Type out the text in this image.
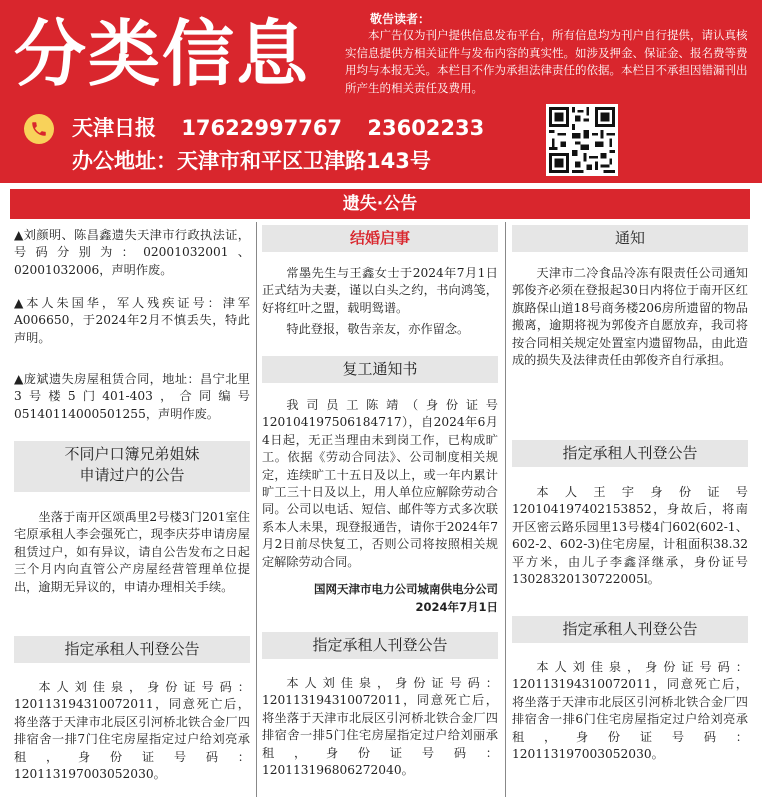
分类信息	敬告读者：
本广告仅为刊户提供信息发布平台，所有信息均为刊户自行提供，请认真核实信息提供方相关证件与发布内容的真实性。如涉及押金、保证金、报名费等费用均与本报无关。本栏目不作为承担法律责任的依据。本栏目不承担因错漏刊出所产生的相关责任及费用。
天津日报 17622997767 23602233
办公地址：天津市和平区卫津路143号
遗失·公告

▲刘颜明、陈昌鑫遗失天津市行政执法证，号码分别为：02001032001、02001032006，声明作废。

▲本人朱国华，军人残疾证号：津军A006650，于2024年2月不慎丢失，特此声明。

▲庞斌遗失房屋租赁合同，地址：昌宁北里3号楼5门401-403，合同编号05140114000501255，声明作废。

不同户口簿兄弟姐妹
申请过户的公告

坐落于南开区颂禹里2号楼3门201室住宅原承租人李会强死亡，现李庆芬申请房屋租赁过户，如有异议，请自公告发布之日起三个月内向直管公产房屋经营管理单位提出，逾期无异议的，申请办理相关手续。

指定承租人刊登公告

本人刘佳泉，身份证号码：120113194310072011，同意死亡后，将坐落于天津市北辰区引河桥北铁合金厂四排宿舍一排7门住宅房屋指定过户给刘亮承租，身份证号码：120113197003052030。

结婚启事

常墨先生与王鑫女士于2024年7月1日正式结为夫妻，谨以白头之约，书向鸿笺，好将红叶之盟，载明鸳谱。

特此登报，敬告亲友，亦作留念。

复工通知书

我司员工陈靖（身份证号120104197506184717），自2024年6月4日起，无正当理由未到岗工作，已构成旷工。依据《劳动合同法》、公司制度相关规定，连续旷工十五日及以上，或一年内累计旷工三十日及以上，用人单位应解除劳动合同。公司以电话、短信、邮件等方式多次联系本人未果，现登报通告，请你于2024年7月2日前尽快复工，否则公司将按照相关规定解除劳动合同。

国网天津市电力公司城南供电分公司

2024年7月1日

指定承租人刊登公告

本人刘佳泉，身份证号码：120113194310072011，同意死亡后，将坐落于天津市北辰区引河桥北铁合金厂四排宿舍一排5门住宅房屋指定过户给刘丽承租，身份证号码：120113196806272040。

通知

天津市二冷食品冷冻有限责任公司通知郭俊齐必须在登报起30日内将位于南开区红旗路保山道18号商务楼206房所遗留的物品搬离，逾期将视为郭俊齐自愿放弃，我司将按合同相关规定处置室内遗留物品，由此造成的损失及法律责任由郭俊齐自行承担。

指定承租人刊登公告

本人王宇身份证号120104197402153852，身故后，将南开区密云路乐园里13号楼4门602(602-1、602-2、602-3)住宅房屋，计租面积38.32平方米，由儿子李鑫泽继承，身份证号13028320130722005l。

指定承租人刊登公告

本人刘佳泉，身份证号码：120113194310072011，同意死亡后，将坐落于天津市北辰区引河桥北铁合金厂四排宿舍一排6门住宅房屋指定过户给刘亮承租，身份证号码：120113197003052030。
